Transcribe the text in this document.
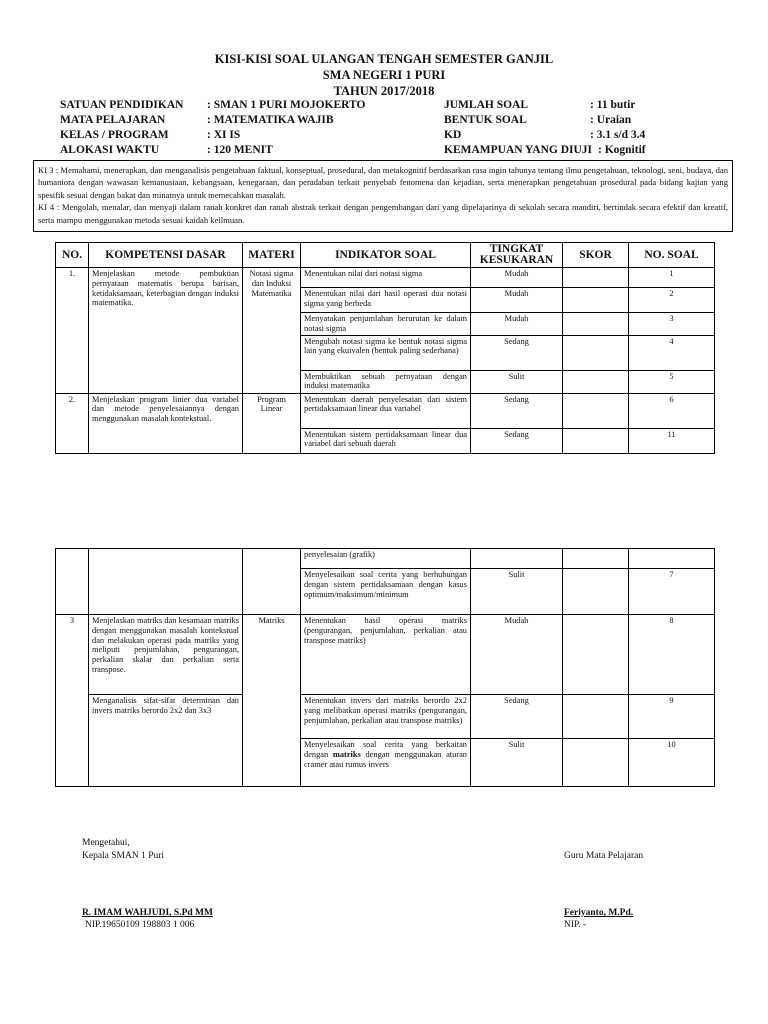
KISI-KISI SOAL ULANGAN TENGAH SEMESTER GANJIL
SMA NEGERI 1 PURI
TAHUN 2017/2018
SATUAN PENDIDIKAN : SMAN 1 PURI MOJOKERTO
MATA PELAJARAN	: MATEMATIKA WAJIB
KELAS / PROGRAM	: XI IS
ALOKASI WAKTU	: 120 MENIT
JUMLAH SOAL	: 11 butir
BENTUK SOAL	: Uraian
KD	: 3.1 s/d 3.4
KEMAMPUAN YANG DIUJI : Kognitif
KI 3 : Memahami, menerapkan, dan menganalisis pengetahuan faktual, konseptual, prosedural, dan metakognitif berdasarkan rasa ingin tahunya tentang ilmu pengetahuan, teknologi, seni, budaya, dan humaniora dengan wawasan kemanusiaan, kebangsaan, kenegaraan, dan peradaban terkait penyebab fenomena dan kejadian, serta menerapkan pengetahuan prosedural pada bidang kajian yang spesifik sesuai dengan bakat dan minatnya untuk memecahkan masalah.
KI 4 : Mengolah, menalar, dan menyaji dalam ranah konkret dan ranah abstrak terkait dengan pengembangan dari yang dipelajarinya di sekolah secara mandiri, bertindak secara efektif dan kreatif, serta mampu menggunakan metoda sesuai kaidah keilmuan.
NO.	KOMPETENSI DASAR	MATERI	INDIKATOR SOAL	TINGKAT KESUKARAN	SKOR	NO. SOAL
1.	Menjelaskan metode pembuktian pernyataan matematis berupa barisan, ketidaksamaan, keterbagian dengan induksi matematika.	Notasi sigma dan Induksi Matematika	Menentukan nilai dari notasi sigma	Mudah		1
			Menentukan nilai dari hasil operasi dua notasi sigma yang berbeda	Mudah		2
			Menyatakan penjumlahan berurutan ke dalam notasi sigma	Mudah		3
			Mengubah notasi sigma ke bentuk notasi sigma lain yang ekuivalen (bentuk paling sederhana)	Sedang		4
			Membuktikan sebuah pernyataan dengan induksi matematika	Sulit		5
2.	Menjelaskan program linier dua variabel dan metode penyelesaiannya dengan menggunakan masalah kontekstual.	Program Linear	Menentukan daerah penyelesaian dari sistem pertidaksamaan linear dua variabel	Sedang		6
			Menentukan sistem pertidaksamaan linear dua variabel dari sebuah daerah	Sedang		11
			penyelesaian (grafik)			
			Menyelesaikan soal cerita yang berhubungan dengan sistem pertidaksamaan dengan kasus optimum/maksimum/minimum	Sulit		7
3	Menjelaskan matriks dan kesamaan matriks dengan menggunakan masalah kontekstual dan melakukan operasi pada matriks yang meliputi penjumlahan, pengurangan, perkalian skalar dan perkalian serta transpose.	Matriks	Menentukan hasil operasi matriks (pengurangan, penjumlahan, perkalian atau transpose matriks)	Mudah		8
	Menganalisis sifat-sifat determinan dan invers matriks berordo 2x2 dan 3x3		Menentukan invers dari matriks berordo 2x2 yang melibatkan operasi matriks (pengurangan, penjumlahan, perkalian atau transpose matriks)	Sedang		9
			Menyelesaikan soal cerita yang berkaitan dengan matriks dengan menggunakan aturan cramer atau rumus invers	Sulit		10
Mengetahui,
Kepala SMAN 1 Puri
R. IMAM WAHJUDI, S.Pd MM
NIP.19650109 198803 1 006
Guru Mata Pelajaran
Feriyanto, M.Pd.
NIP. -
